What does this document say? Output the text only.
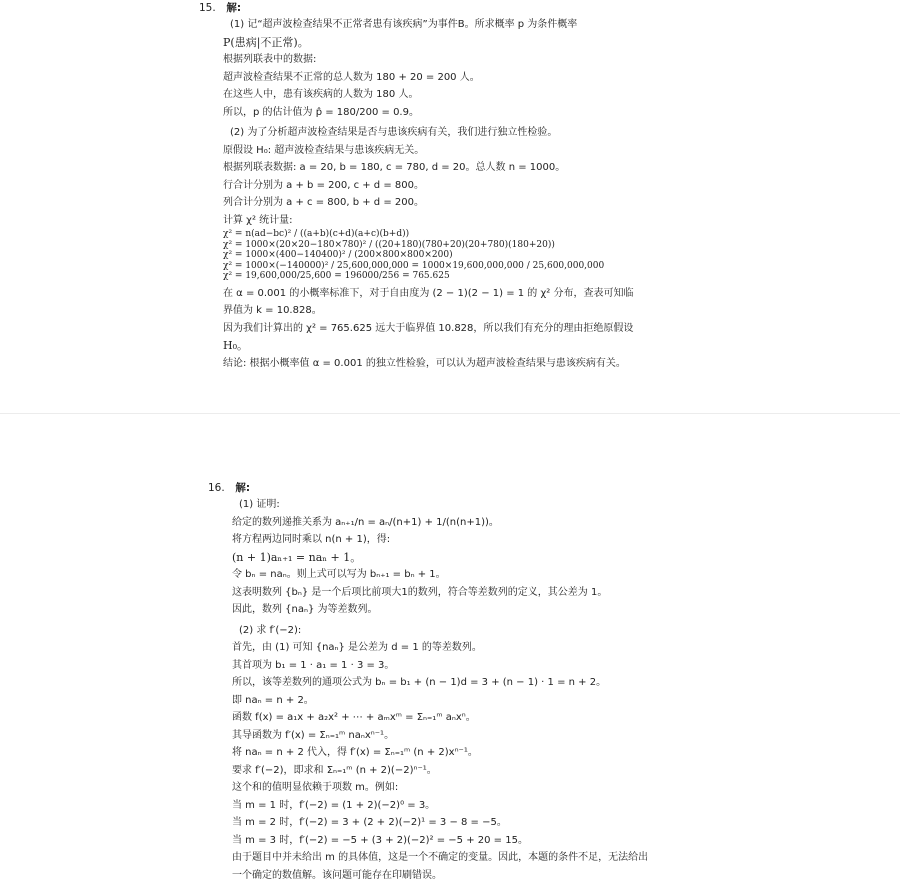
15. 解:
(1) 记“超声波检查结果不正常者患有该疾病”为事件B。所求概率 p 为条件概率
P(患病|不正常)。
根据列联表中的数据:
超声波检查结果不正常的总人数为 180 + 20 = 200 人。
在这些人中，患有该疾病的人数为 180 人。
所以，p 的估计值为 p̂ = 180/200 = 0.9。
(2) 为了分析超声波检查结果是否与患该疾病有关，我们进行独立性检验。
原假设 H₀: 超声波检查结果与患该疾病无关。
根据列联表数据: a = 20, b = 180, c = 780, d = 20。总人数 n = 1000。
行合计分别为 a + b = 200, c + d = 800。
列合计分别为 a + c = 800, b + d = 200。
计算 χ² 统计量:
χ² = n(ad−bc)² / ((a+b)(c+d)(a+c)(b+d))
χ² = 1000×(20×20−180×780)² / ((20+180)(780+20)(20+780)(180+20))
χ² = 1000×(400−140400)² / (200×800×800×200)
χ² = 1000×(−140000)² / 25,600,000,000 = 1000×19,600,000,000 / 25,600,000,000
χ² = 19,600,000/25,600 = 196000/256 = 765.625
在 α = 0.001 的小概率标准下，对于自由度为 (2 − 1)(2 − 1) = 1 的 χ² 分布，查表可知临
界值为 k = 10.828。
因为我们计算出的 χ² = 765.625 远大于临界值 10.828，所以我们有充分的理由拒绝原假设
H₀。
结论: 根据小概率值 α = 0.001 的独立性检验，可以认为超声波检查结果与患该疾病有关。
16. 解:
(1) 证明:
给定的数列递推关系为 aₙ₊₁/n = aₙ/(n+1) + 1/(n(n+1))。
将方程两边同时乘以 n(n + 1)，得:
(n + 1)aₙ₊₁ = naₙ + 1。
令 bₙ = naₙ。则上式可以写为 bₙ₊₁ = bₙ + 1。
这表明数列 {bₙ} 是一个后项比前项大1的数列，符合等差数列的定义，其公差为 1。
因此，数列 {naₙ} 为等差数列。
(2) 求 f′(−2):
首先，由 (1) 可知 {naₙ} 是公差为 d = 1 的等差数列。
其首项为 b₁ = 1 · a₁ = 1 · 3 = 3。
所以，该等差数列的通项公式为 bₙ = b₁ + (n − 1)d = 3 + (n − 1) · 1 = n + 2。
即 naₙ = n + 2。
函数 f(x) = a₁x + a₂x² + ⋯ + aₘxᵐ = Σₙ₌₁ᵐ aₙxⁿ。
其导函数为 f′(x) = Σₙ₌₁ᵐ naₙxⁿ⁻¹。
将 naₙ = n + 2 代入，得 f′(x) = Σₙ₌₁ᵐ (n + 2)xⁿ⁻¹。
要求 f′(−2)，即求和 Σₙ₌₁ᵐ (n + 2)(−2)ⁿ⁻¹。
这个和的值明显依赖于项数 m。例如:
当 m = 1 时，f′(−2) = (1 + 2)(−2)⁰ = 3。
当 m = 2 时，f′(−2) = 3 + (2 + 2)(−2)¹ = 3 − 8 = −5。
当 m = 3 时，f′(−2) = −5 + (3 + 2)(−2)² = −5 + 20 = 15。
由于题目中并未给出 m 的具体值，这是一个不确定的变量。因此，本题的条件不足，无法给出
一个确定的数值解。该问题可能存在印刷错误。
